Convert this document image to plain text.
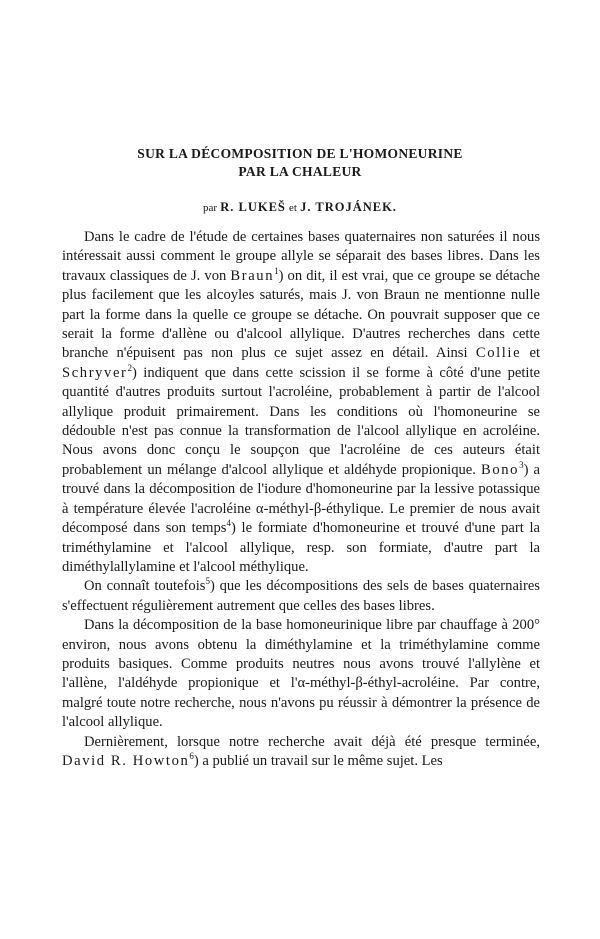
SUR LA DÉCOMPOSITION DE L'HOMONEURINE
PAR LA CHALEUR
par R. LUKEŠ et J. TROJÁNEK.

Dans le cadre de l'étude de certaines bases quaternaires non saturées il nous intéressait aussi comment le groupe allyle se séparait des bases libres. Dans les travaux classiques de J. von Braun$^1$) on dit, il est vrai, que ce groupe se détache plus facilement que les alcoyles saturés, mais J. von Braun ne mentionne nulle part la forme dans la quelle ce groupe se détache. On pouvrait supposer que ce serait la forme d'allène ou d'alcool allylique. D'autres recherches dans cette branche n'épuisent pas non plus ce sujet assez en détail. Ainsi Collie et Schryver$^2$) indiquent que dans cette scission il se forme à côté d'une petite quantité d'autres produits surtout l'acroléine, probablement à partir de l'alcool allylique produit primairement. Dans les conditions où l'homoneurine se dédouble n'est pas connue la transformation de l'alcool allylique en acroléine. Nous avons donc conçu le soupçon que l'acroléine de ces auteurs était probablement un mélange d'alcool allylique et aldéhyde propionique. Bono$^3$) a trouvé dans la décomposition de l'iodure d'homoneurine par la lessive potassique à température élevée l'acroléine α-méthyl-β-éthylique. Le premier de nous avait décomposé dans son temps$^4$) le formiate d'homoneurine et trouvé d'une part la triméthylamine et l'alcool allylique, resp. son formiate, d'autre part la diméthylallylamine et l'alcool méthylique.

On connaît toutefois$^5$) que les décompositions des sels de bases quaternaires s'effectuent régulièrement autrement que celles des bases libres.

Dans la décomposition de la base homoneurinique libre par chauffage à 200° environ, nous avons obtenu la diméthylamine et la triméthylamine comme produits basiques. Comme produits neutres nous avons trouvé l'allylène et l'allène, l'aldéhyde propionique et l'α-méthyl-β-éthyl-acroléine. Par contre, malgré toute notre recherche, nous n'avons pu réussir à démontrer la présence de l'alcool allylique.

Dernièrement, lorsque notre recherche avait déjà été presque terminée, David R. Howton$^6$) a publié un travail sur le même sujet. Les
